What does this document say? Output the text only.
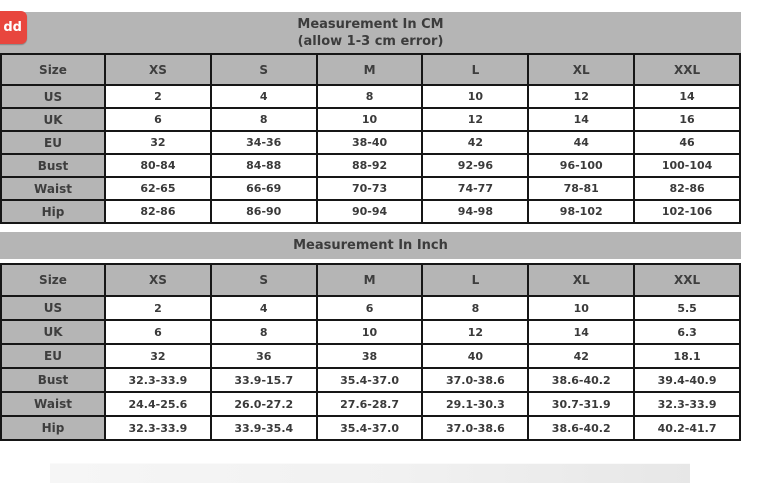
dd	Measurement In CM
(allow 1-3 cm error)
Size	XS	S	M	L	XL	XXL
US	2	4	8	10	12	14
UK	6	8	10	12	14	16
EU	32	34-36	38-40	42	44	46
Bust	80-84	84-88	88-92	92-96	96-100	100-104
Waist	62-65	66-69	70-73	74-77	78-81	82-86
Hip	82-86	86-90	90-94	94-98	98-102	102-106
Measurement In Inch
Size	XS	S	M	L	XL	XXL
US	2	4	6	8	10	5.5
UK	6	8	10	12	14	6.3
EU	32	36	38	40	42	18.1
Bust	32.3-33.9	33.9-15.7	35.4-37.0	37.0-38.6	38.6-40.2	39.4-40.9
Waist	24.4-25.6	26.0-27.2	27.6-28.7	29.1-30.3	30.7-31.9	32.3-33.9
Hip	32.3-33.9	33.9-35.4	35.4-37.0	37.0-38.6	38.6-40.2	40.2-41.7
